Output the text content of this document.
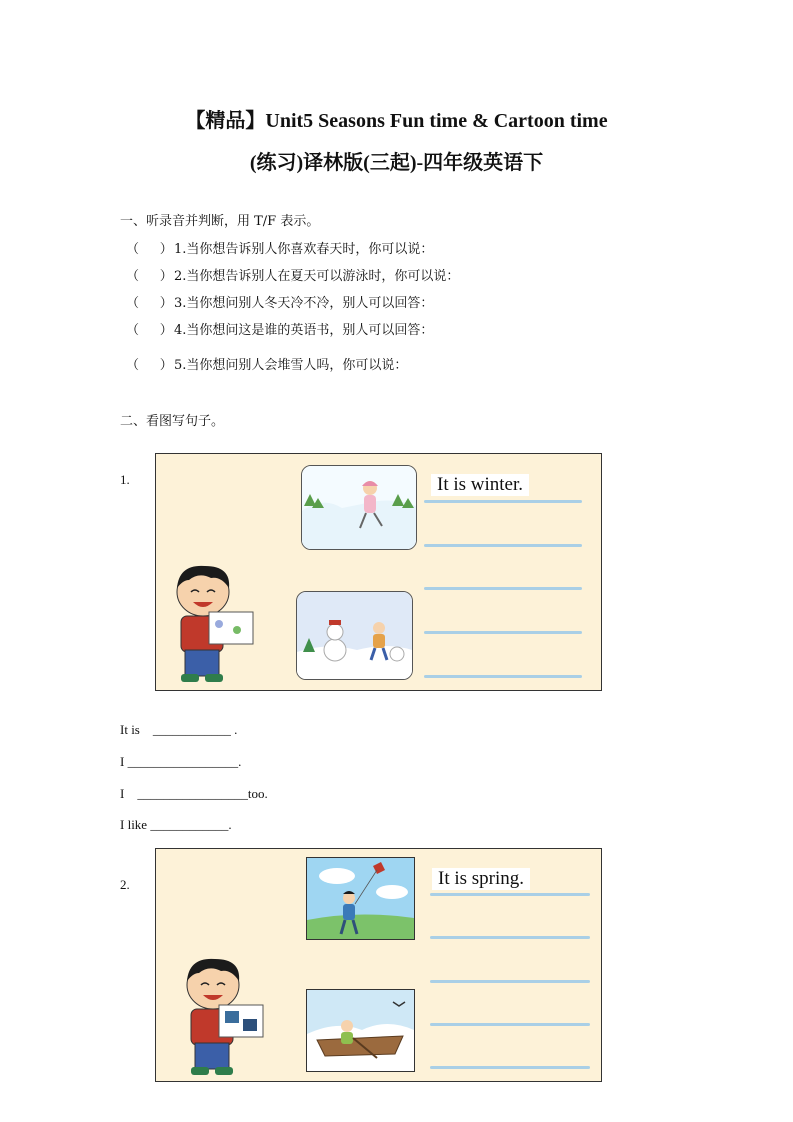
【精品】Unit5 Seasons Fun time & Cartoon time
(练习)译林版(三起)-四年级英语下
一、听录音并判断，用 T/F 表示。
（ ）1.当你想告诉别人你喜欢春天时，你可以说：
（ ）2.当你想告诉别人在夏天可以游泳时，你可以说：
（ ）3.当你想问别人冬天冷不冷，别人可以回答：
（ ）4.当你想问这是谁的英语书，别人可以回答：
（ ）5.当你想问别人会堆雪人吗，你可以说：
二、看图写句子。
1.	It is winter.
It is    ____________ .
I _________________.
I    _________________too.
I like ____________.
2.	It is spring.
